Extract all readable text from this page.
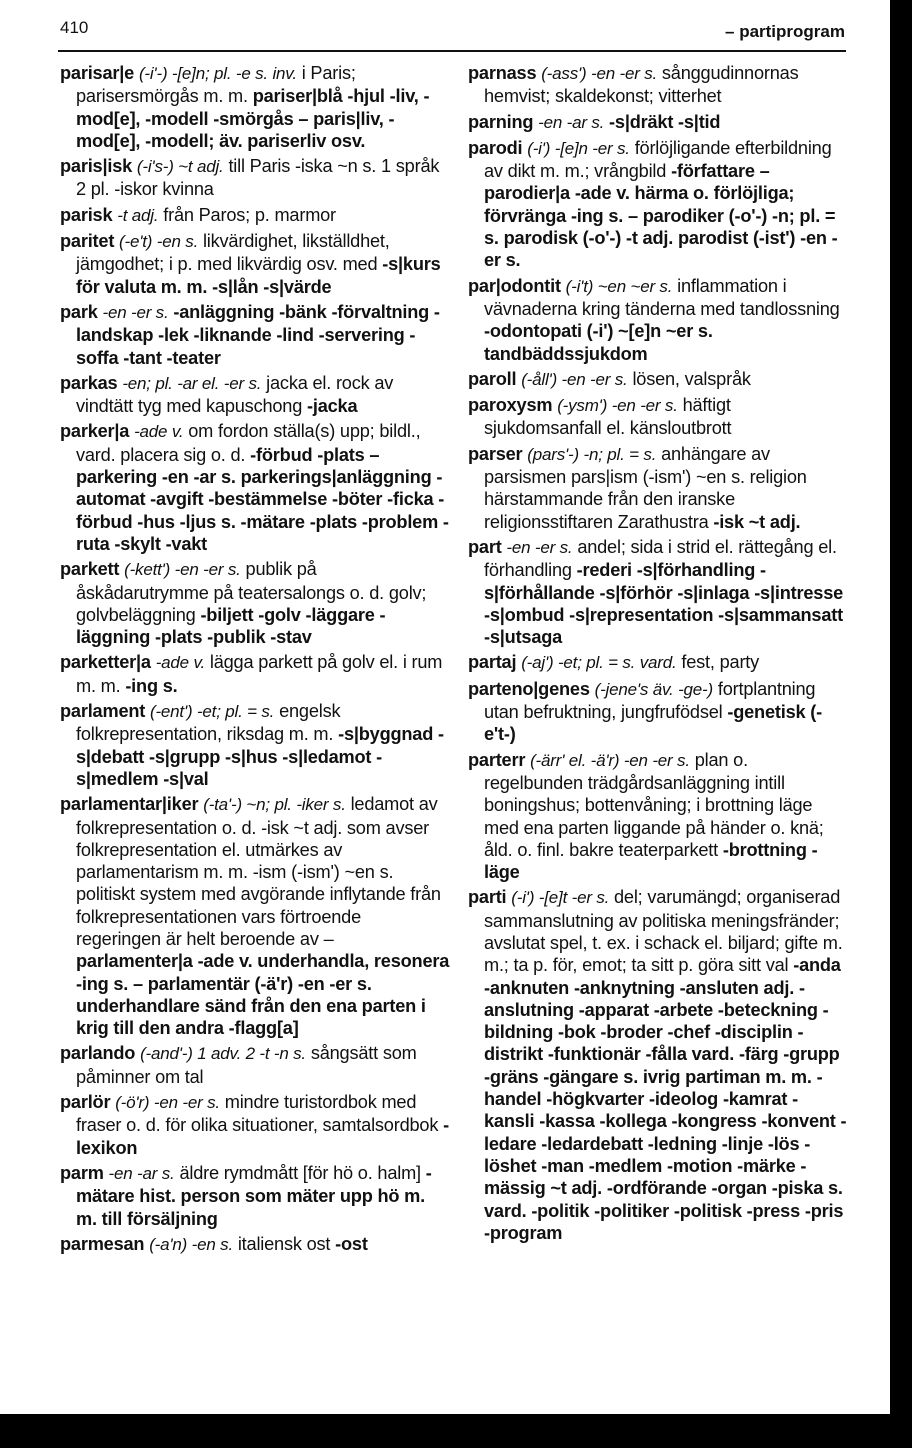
410	– partiprogram
parisar|e (-i'-) -[e]n; pl. -e s. inv. i Paris; parisersmörgås m. m. pariser|blå -hjul -liv, -mod[e], -modell -smörgås – paris|liv, -mod[e], -modell; äv. pariserliv osv.
paris|isk (-i's-) ~t adj. till Paris -iska ~n s. 1 språk 2 pl. -iskor kvinna
parisk -t adj. från Paros; p. marmor
paritet (-e't) -en s. likvärdighet, likställdhet, jämgodhet; i p. med likvärdig osv. med -s|kurs för valuta m. m. -s|lån -s|värde
park -en -er s. -anläggning -bänk -förvaltning -landskap -lek -liknande -lind -servering -soffa -tant -teater
parkas -en; pl. -ar el. -er s. jacka el. rock av vindtätt tyg med kapuschong -jacka
parker|a -ade v. om fordon ställa(s) upp; bildl., vard. placera sig o. d. -förbud -plats – parkering -en -ar s. parkerings|anläggning -automat -avgift -bestämmelse -böter -ficka -förbud -hus -ljus s. -mätare -plats -problem -ruta -skylt -vakt
parkett (-kett') -en -er s. publik på åskådarutrymme på teatersalongs o. d. golv; golvbeläggning -biljett -golv -läggare -läggning -plats -publik -stav
parketter|a -ade v. lägga parkett på golv el. i rum m. m. -ing s.
parlament (-ent') -et; pl. = s. engelsk folkrepresentation, riksdag m. m. -s|byggnad -s|debatt -s|grupp -s|hus -s|ledamot -s|medlem -s|val
parlamentar|iker (-ta'-) ~n; pl. -iker s. ledamot av folkrepresentation o. d. -isk ~t adj. som avser folkrepresentation el. utmärkes av parlamentarism m. m. -ism (-ism') ~en s. politiskt system med avgörande inflytande från folkrepresentationen vars förtroende regeringen är helt beroende av – parlamenter|a -ade v. underhandla, resonera -ing s. – parlamentär (-ä'r) -en -er s. underhandlare sänd från den ena parten i krig till den andra -flagg[a]
parlando (-and'-) 1 adv. 2 -t -n s. sångsätt som påminner om tal
parlör (-ö'r) -en -er s. mindre turistordbok med fraser o. d. för olika situationer, samtalsordbok -lexikon
parm -en -ar s. äldre rymdmått [för hö o. halm] -mätare hist. person som mäter upp hö m. m. till försäljning
parmesan (-a'n) -en s. italiensk ost -ost
parnass (-ass') -en -er s. sånggudinnornas hemvist; skaldekonst; vitterhet
parning -en -ar s. -s|dräkt -s|tid
parodi (-i') -[e]n -er s. förlöjligande efterbildning av dikt m. m.; vrångbild -författare – parodier|a -ade v. härma o. förlöjliga; förvränga -ing s. – parodiker (-o'-) -n; pl. = s. parodisk (-o'-) -t adj. parodist (-ist') -en -er s.
par|odontit (-i't) ~en ~er s. inflammation i vävnaderna kring tänderna med tandlossning -odontopati (-i') ~[e]n ~er s. tandbäddssjukdom
paroll (-åll') -en -er s. lösen, valspråk
paroxysm (-ysm') -en -er s. häftigt sjukdomsanfall el. känsloutbrott
parser (pars'-) -n; pl. = s. anhängare av parsismen pars|ism (-ism') ~en s. religion härstammande från den iranske religionsstiftaren Zarathustra -isk ~t adj.
part -en -er s. andel; sida i strid el. rättegång el. förhandling -rederi -s|förhandling -s|förhållande -s|förhör -s|inlaga -s|intresse -s|ombud -s|representation -s|sammansatt -s|utsaga
partaj (-aj') -et; pl. = s. vard. fest, party
parteno|genes (-jene's äv. -ge-) fortplantning utan befruktning, jungfrufödsel -genetisk (-e't-)
parterr (-ärr' el. -ä'r) -en -er s. plan o. regelbunden trädgårdsanläggning intill boningshus; bottenvåning; i brottning läge med ena parten liggande på händer o. knä; åld. o. finl. bakre teaterparkett -brottning -läge
parti (-i') -[e]t -er s. del; varumängd; organiserad sammanslutning av politiska meningsfränder; avslutat spel, t. ex. i schack el. biljard; gifte m. m.; ta p. för, emot; ta sitt p. göra sitt val -anda -anknuten -anknytning -ansluten adj. -anslutning -apparat -arbete -beteckning -bildning -bok -broder -chef -disciplin -distrikt -funktionär -fålla vard. -färg -grupp -gräns -gängare s. ivrig partiman m. m. -handel -högkvarter -ideolog -kamrat -kansli -kassa -kollega -kongress -konvent -ledare -ledardebatt -ledning -linje -lös -löshet -man -medlem -motion -märke -mässig ~t adj. -ordförande -organ -piska s. vard. -politik -politiker -politisk -press -pris -program
